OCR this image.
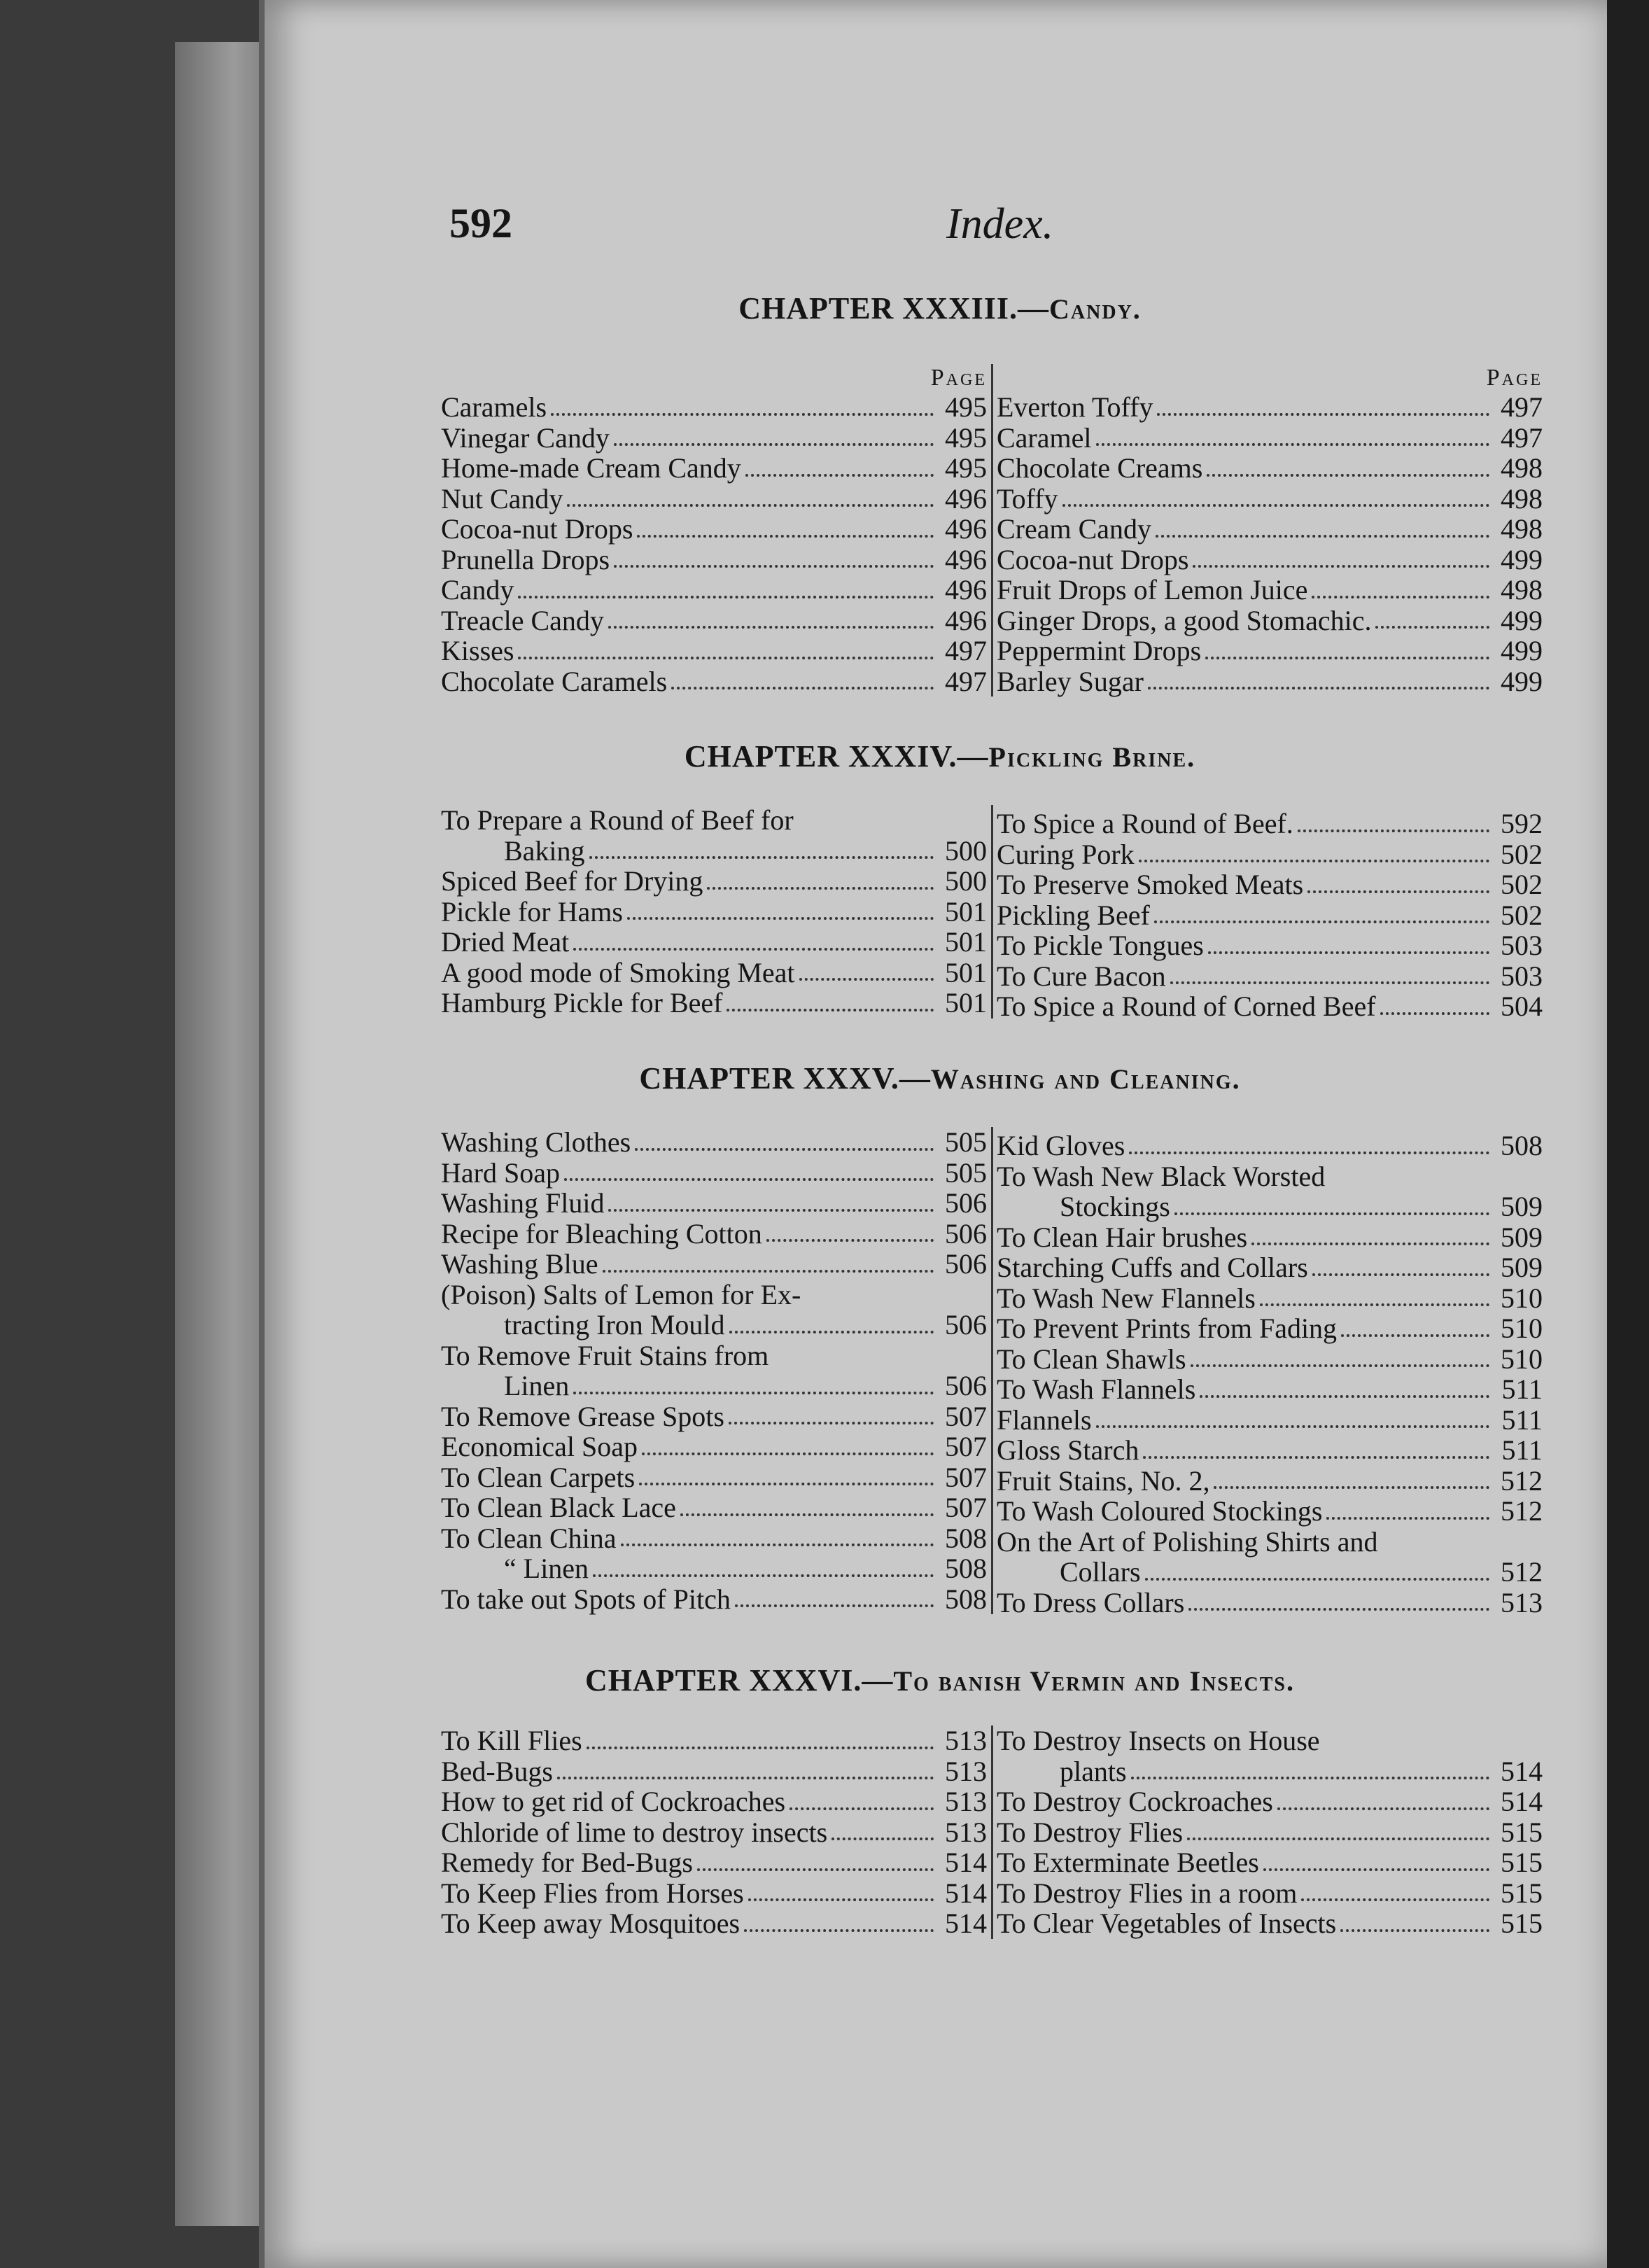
592	Index.
CHAPTER XXXIII.—Candy.
Page
Caramels	495
Vinegar Candy	495
Home-made Cream Candy	495
Nut Candy	496
Cocoa-nut Drops	496
Prunella Drops	496
Candy	496
Treacle Candy	496
Kisses	497
Chocolate Caramels	497
Page
Everton Toffy	497
Caramel	497
Chocolate Creams	498
Toffy	498
Cream Candy	498
Cocoa-nut Drops	499
Fruit Drops of Lemon Juice	498
Ginger Drops, a good Stomachic.	499
Peppermint Drops	499
Barley Sugar	499
CHAPTER XXXIV.—Pickling Brine.
To Prepare a Round of Beef for
Baking	500
Spiced Beef for Drying	500
Pickle for Hams	501
Dried Meat	501
A good mode of Smoking Meat	501
Hamburg Pickle for Beef	501
To Spice a Round of Beef.	592
Curing Pork	502
To Preserve Smoked Meats	502
Pickling Beef	502
To Pickle Tongues	503
To Cure Bacon	503
To Spice a Round of Corned Beef	504
CHAPTER XXXV.—Washing and Cleaning.
Washing Clothes	505
Hard Soap	505
Washing Fluid	506
Recipe for Bleaching Cotton	506
Washing Blue	506
(Poison) Salts of Lemon for Ex-
tracting Iron Mould	506
To Remove Fruit Stains from
Linen	506
To Remove Grease Spots	507
Economical Soap	507
To Clean Carpets	507
To Clean Black Lace	507
To Clean China	508
“ Linen	508
To take out Spots of Pitch	508
Kid Gloves	508
To Wash New Black Worsted
Stockings	509
To Clean Hair brushes	509
Starching Cuffs and Collars	509
To Wash New Flannels	510
To Prevent Prints from Fading	510
To Clean Shawls	510
To Wash Flannels	511
Flannels	511
Gloss Starch	511
Fruit Stains, No. 2,	512
To Wash Coloured Stockings	512
On the Art of Polishing Shirts and
Collars	512
To Dress Collars	513
CHAPTER XXXVI.—To banish Vermin and Insects.
To Kill Flies	513
Bed-Bugs	513
How to get rid of Cockroaches	513
Chloride of lime to destroy insects	513
Remedy for Bed-Bugs	514
To Keep Flies from Horses	514
To Keep away Mosquitoes	514
To Destroy Insects on House
plants	514
To Destroy Cockroaches	514
To Destroy Flies	515
To Exterminate Beetles	515
To Destroy Flies in a room	515
To Clear Vegetables of Insects	515
